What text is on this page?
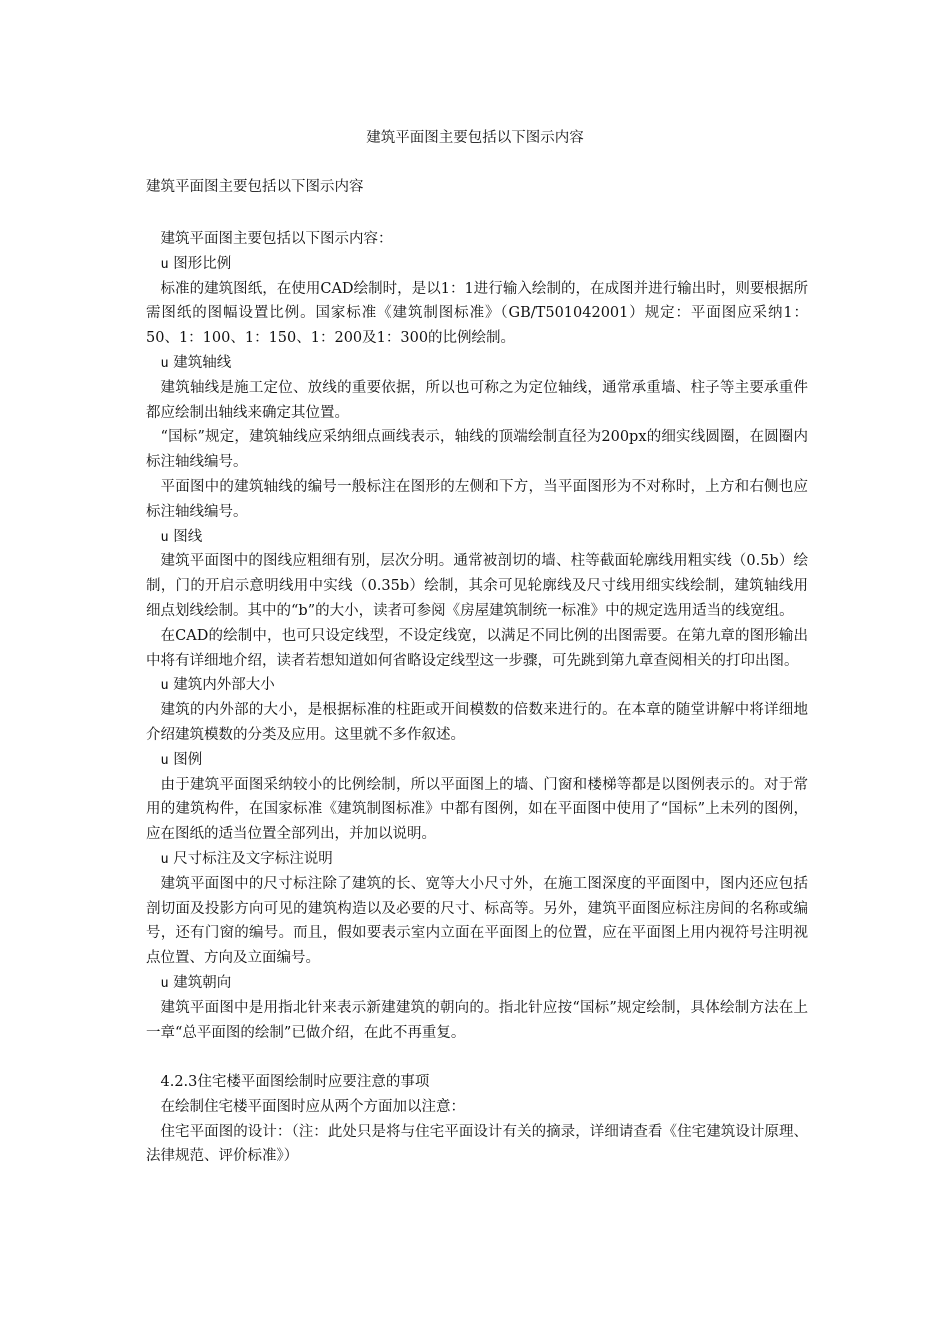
建筑平面图主要包括以下图示内容
建筑平面图主要包括以下图示内容

建筑平面图主要包括以下图示内容：

u 图形比例

标准的建筑图纸，在使用CAD绘制时，是以1：1进行输入绘制的，在成图并进行输出时，则要根据所需图纸的图幅设置比例。国家标准《建筑制图标准》（GB/T501042001）规定：平面图应采纳1：50、1：100、1：150、1：200及1：300的比例绘制。

u 建筑轴线

建筑轴线是施工定位、放线的重要依据，所以也可称之为定位轴线，通常承重墙、柱子等主要承重件都应绘制出轴线来确定其位置。

“国标”规定，建筑轴线应采纳细点画线表示，轴线的顶端绘制直径为200px的细实线圆圈，在圆圈内标注轴线编号。

平面图中的建筑轴线的编号一般标注在图形的左侧和下方，当平面图形为不对称时，上方和右侧也应标注轴线编号。

u 图线

建筑平面图中的图线应粗细有别，层次分明。通常被剖切的墙、柱等截面轮廓线用粗实线（0.5b）绘制，门的开启示意明线用中实线（0.35b）绘制，其余可见轮廓线及尺寸线用细实线绘制，建筑轴线用细点划线绘制。其中的“b”的大小，读者可参阅《房屋建筑制统一标准》中的规定选用适当的线宽组。

在CAD的绘制中，也可只设定线型，不设定线宽，以满足不同比例的出图需要。在第九章的图形输出中将有详细地介绍，读者若想知道如何省略设定线型这一步骤，可先跳到第九章查阅相关的打印出图。

u 建筑内外部大小

建筑的内外部的大小，是根据标准的柱距或开间模数的倍数来进行的。在本章的随堂讲解中将详细地介绍建筑模数的分类及应用。这里就不多作叙述。

u 图例

由于建筑平面图采纳较小的比例绘制，所以平面图上的墙、门窗和楼梯等都是以图例表示的。对于常用的建筑构件，在国家标准《建筑制图标准》中都有图例，如在平面图中使用了“国标”上未列的图例，应在图纸的适当位置全部列出，并加以说明。

u 尺寸标注及文字标注说明

建筑平面图中的尺寸标注除了建筑的长、宽等大小尺寸外，在施工图深度的平面图中，图内还应包括剖切面及投影方向可见的建筑构造以及必要的尺寸、标高等。另外，建筑平面图应标注房间的名称或编号，还有门窗的编号。而且，假如要表示室内立面在平面图上的位置，应在平面图上用内视符号注明视点位置、方向及立面编号。

u 建筑朝向

建筑平面图中是用指北针来表示新建建筑的朝向的。指北针应按“国标”规定绘制，具体绘制方法在上一章“总平面图的绘制”已做介绍，在此不再重复。

4.2.3住宅楼平面图绘制时应要注意的事项

在绘制住宅楼平面图时应从两个方面加以注意：

住宅平面图的设计：（注：此处只是将与住宅平面设计有关的摘录，详细请查看《住宅建筑设计原理、法律规范、评价标准》）
